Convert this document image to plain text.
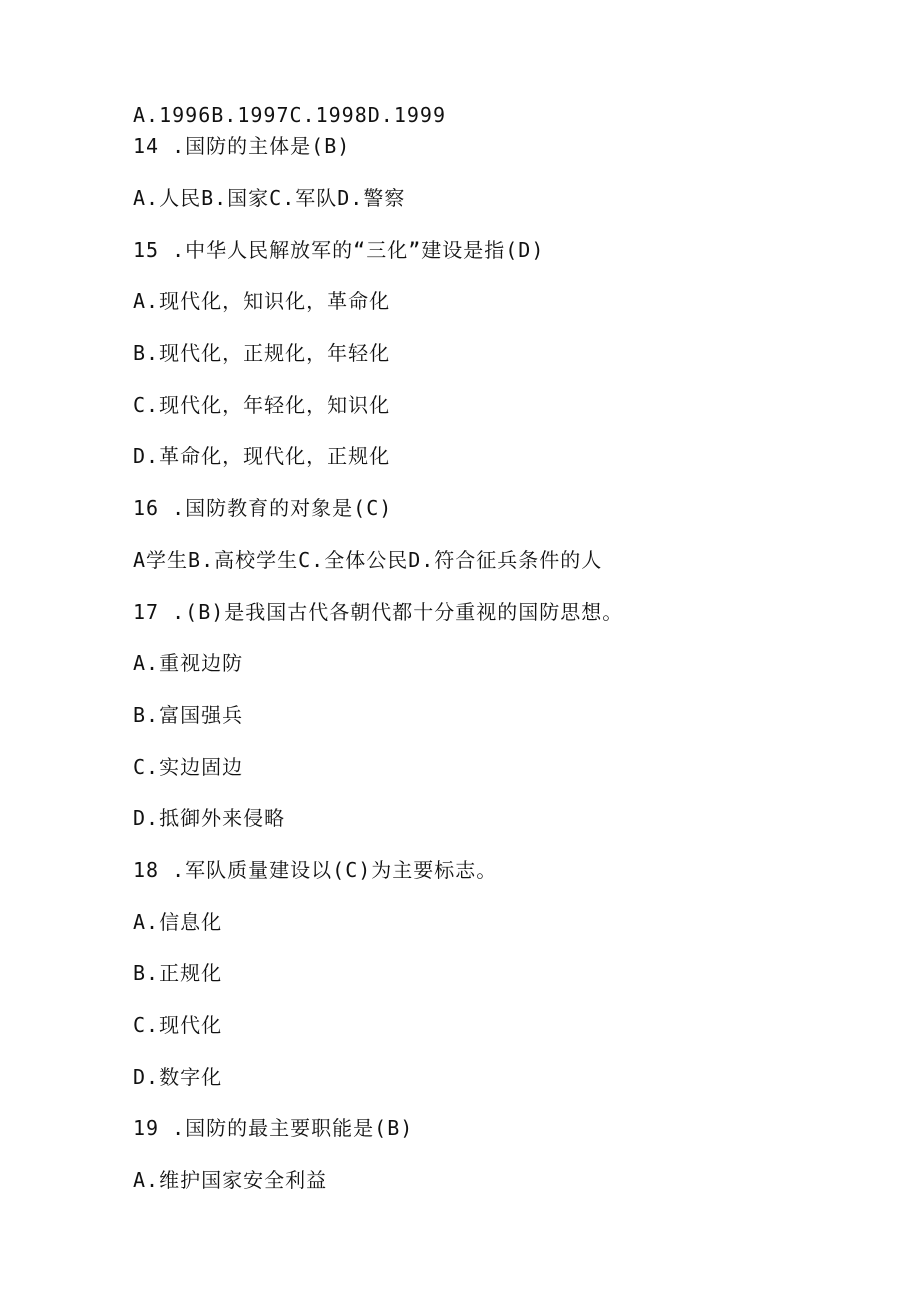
A.1996B.1997C.1998D.1999
14 .国防的主体是(B)
A.人民B.国家C.军队D.警察
15 .中华人民解放军的“三化”建设是指(D)
A.现代化，知识化，革命化
B.现代化，正规化，年轻化
C.现代化，年轻化，知识化
D.革命化，现代化，正规化
16 .国防教育的对象是(C)
A学生B.高校学生C.全体公民D.符合征兵条件的人
17 .(B)是我国古代各朝代都十分重视的国防思想。
A.重视边防
B.富国强兵
C.实边固边
D.抵御外来侵略
18 .军队质量建设以(C)为主要标志。
A.信息化
B.正规化
C.现代化
D.数字化
19 .国防的最主要职能是(B)
A.维护国家安全利益
